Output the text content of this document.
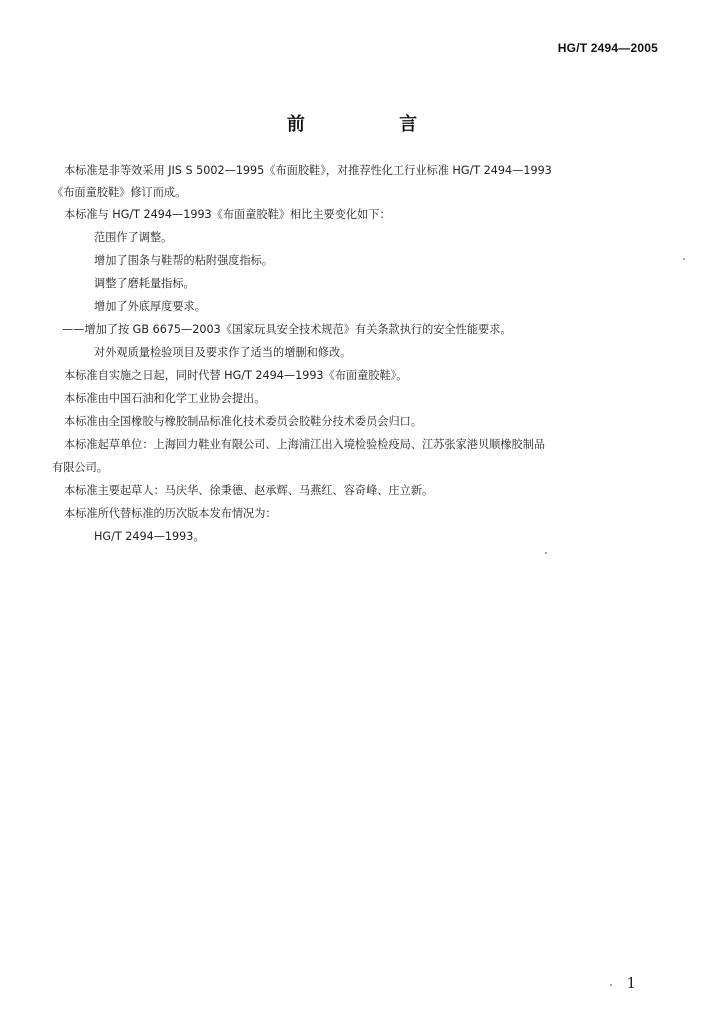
HG/T 2494—2005
前 言
本标准是非等效采用 JIS S 5002—1995《布面胶鞋》，对推荐性化工行业标准 HG/T 2494—1993
《布面童胶鞋》修订而成。
本标准与 HG/T 2494—1993《布面童胶鞋》相比主要变化如下：
范围作了调整。
增加了围条与鞋帮的粘附强度指标。
调整了磨耗量指标。
增加了外底厚度要求。
——增加了按 GB 6675—2003《国家玩具安全技术规范》有关条款执行的安全性能要求。
对外观质量检验项目及要求作了适当的增删和修改。
本标准自实施之日起，同时代替 HG/T 2494—1993《布面童胶鞋》。
本标准由中国石油和化学工业协会提出。
本标准由全国橡胶与橡胶制品标准化技术委员会胶鞋分技术委员会归口。
本标准起草单位：上海回力鞋业有限公司、上海浦江出入境检验检疫局、江苏张家港贝顺橡胶制品
有限公司。
本标准主要起草人：马庆华、徐秉德、赵承辉、马燕红、容奇峰、庄立新。
本标准所代替标准的历次版本发布情况为：
HG/T 2494—1993。
1
